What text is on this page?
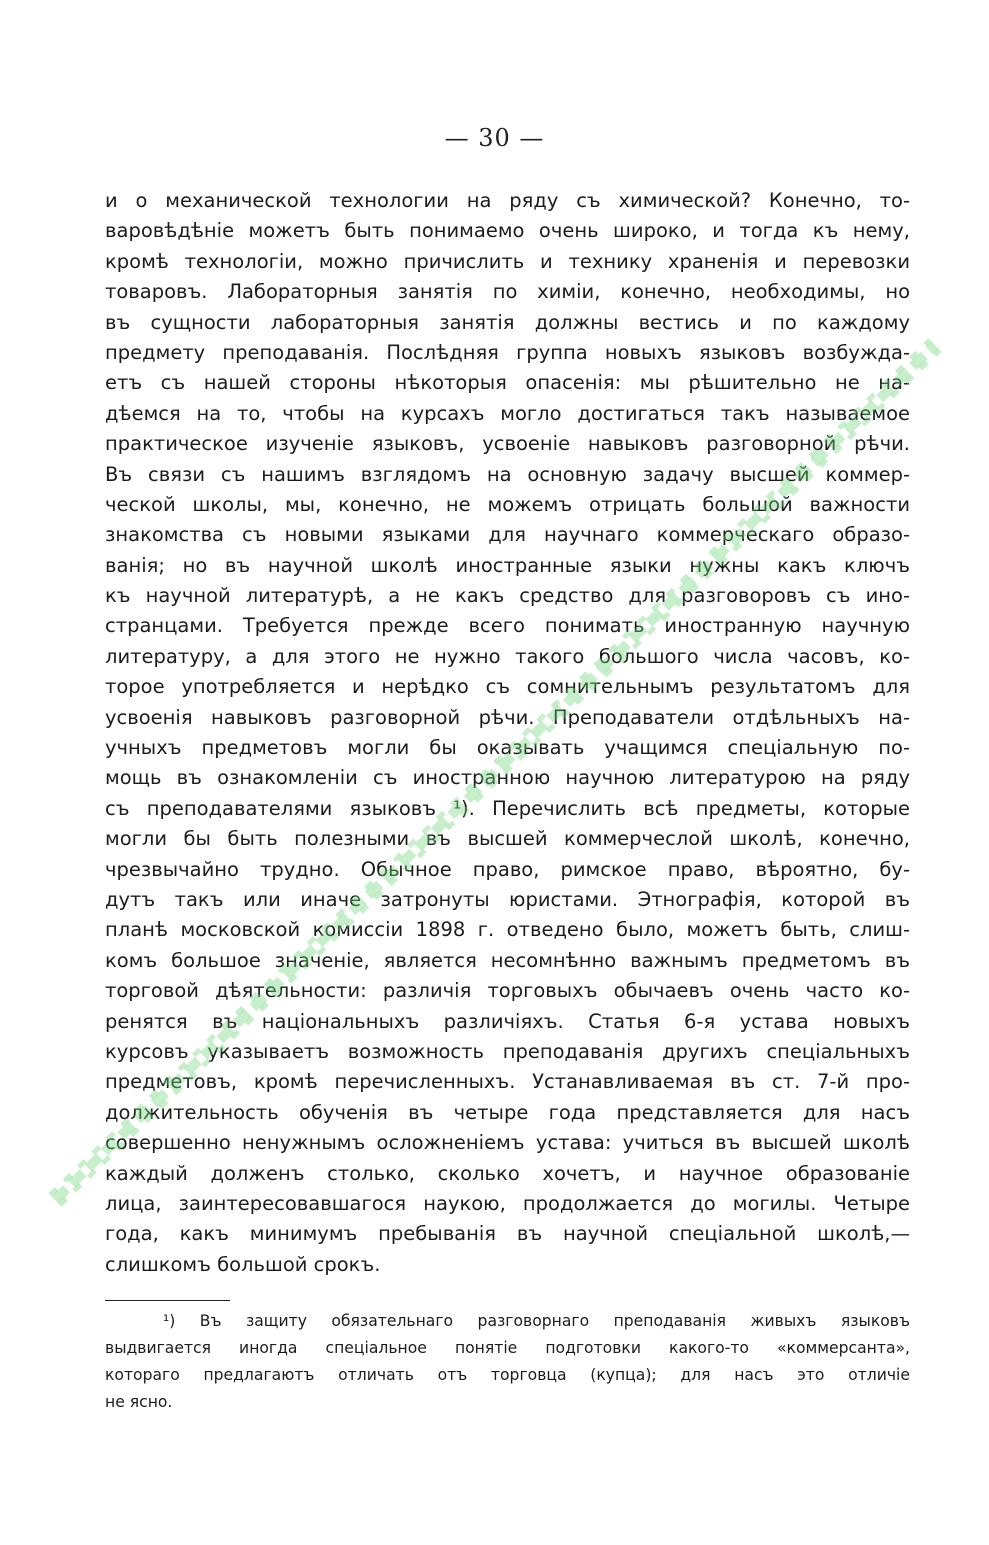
— 30 —
и о механической технологии на ряду съ химической? Конечно, то-
варовѣдѣніе можетъ быть понимаемо очень широко, и тогда къ нему,
кромѣ технологіи, можно причислить и технику храненія и перевозки
товаровъ. Лабораторныя занятія по химіи, конечно, необходимы, но
въ сущности лабораторныя занятія должны вестись и по каждому
предмету преподаванія. Послѣдняя группа новыхъ языковъ возбужда-
етъ съ нашей стороны нѣкоторыя опасенія: мы рѣшительно не на-
дѣемся на то, чтобы на курсахъ могло достигаться такъ называемое
практическое изученіе языковъ, усвоеніе навыковъ разговорной рѣчи.
Въ связи съ нашимъ взглядомъ на основную задачу высшей коммер-
ческой школы, мы, конечно, не можемъ отрицать большой важности
знакомства съ новыми языками для научнаго коммерческаго образо-
ванія; но въ научной школѣ иностранные языки нужны какъ ключъ
къ научной литературѣ, а не какъ средство для разговоровъ съ ино-
странцами. Требуется прежде всего понимать иностранную научную
литературу, а для этого не нужно такого большого числа часовъ, ко-
торое употребляется и нерѣдко съ сомнительнымъ результатомъ для
усвоенія навыковъ разговорной рѣчи. Преподаватели отдѣльныхъ на-
учныхъ предметовъ могли бы оказывать учащимся спеціальную по-
мощь въ ознакомленіи съ иностранною научною литературою на ряду
съ преподавателями языковъ ¹). Перечислить всѣ предметы, которые
могли бы быть полезными въ высшей коммерчеслой школѣ, конечно,
чрезвычайно трудно. Обычное право, римское право, вѣроятно, бу-
дутъ такъ или иначе затронуты юристами. Этнографія, которой въ
планѣ московской комиссіи 1898 г. отведено было, можетъ быть, слиш-
комъ большое значеніе, является несомнѣнно важнымъ предметомъ въ
торговой дѣятельности: различія торговыхъ обычаевъ очень часто ко-
ренятся въ національныхъ различіяхъ. Статья 6-я устава новыхъ
курсовъ указываетъ возможность преподаванія другихъ спеціальныхъ
предметовъ, кромѣ перечисленныхъ. Устанавливаемая въ ст. 7-й про-
должительность обученія въ четыре года представляется для насъ
совершенно ненужнымъ осложненіемъ устава: учиться въ высшей школѣ
каждый долженъ столько, сколько хочетъ, и научное образованіе
лица, заинтересовавшагося наукою, продолжается до могилы. Четыре
года, какъ минимумъ пребыванія въ научной спеціальной школѣ,—
слишкомъ большой срокъ.
¹) Въ защиту обязательнаго разговорнаго преподаванія живыхъ языковъ
выдвигается иногда спеціальное понятіе подготовки какого-то «коммерсанта»,
котораго предлагаютъ отличать отъ торговца (купца); для насъ это отличіе
не ясно.
